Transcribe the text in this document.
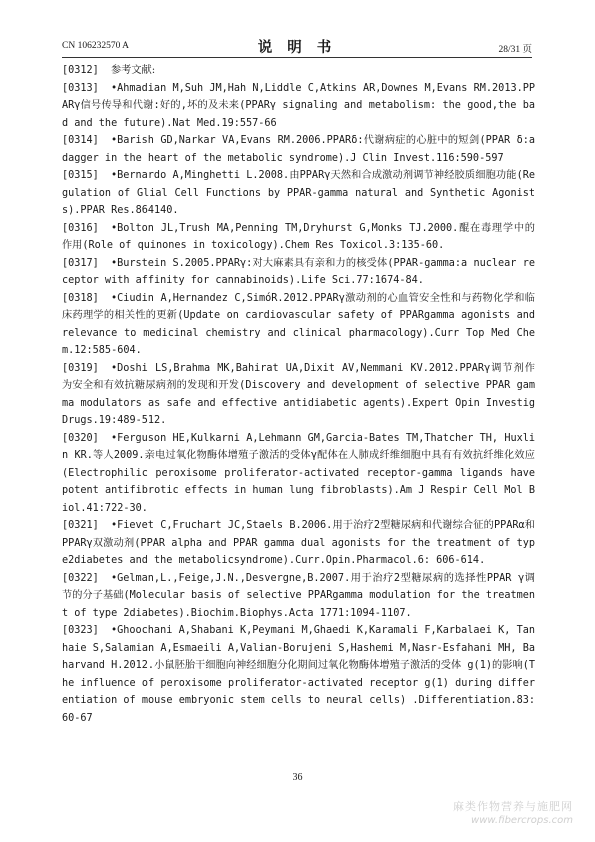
CN 106232570 A	说 明 书	28/31 页

[0312] 参考文献:

[0313] •Ahmadian M,Suh JM,Hah N,Liddle C,Atkins AR,Downes M,Evans RM.2013.PPARγ信号传导和代谢:好的,坏的及未来(PPARγ signaling and metabolism: the good,the bad and the future).Nat Med.19:557-66

[0314] •Barish GD,Narkar VA,Evans RM.2006.PPARδ:代谢病症的心脏中的短剑(PPAR δ:a dagger in the heart of the metabolic syndrome).J Clin Invest.116:590-597

[0315] •Bernardo A,Minghetti L.2008.由PPARγ天然和合成激动剂调节神经胶质细胞功能(Regulation of Glial Cell Functions by PPAR-gamma natural and Synthetic Agonists).PPAR Res.864140.

[0316] •Bolton JL,Trush MA,Penning TM,Dryhurst G,Monks TJ.2000.醌在毒理学中的作用(Role of quinones in toxicology).Chem Res Toxicol.3:135-60.

[0317] •Burstein S.2005.PPARγ:对大麻素具有亲和力的核受体(PPAR-gamma:a nuclear receptor with affinity for cannabinoids).Life Sci.77:1674-84.

[0318] •Ciudin A,Hernandez C,SimóR.2012.PPARγ激动剂的心血管安全性和与药物化学和临床药理学的相关性的更新(Update on cardiovascular safety of PPARgamma agonists and relevance to medicinal chemistry and clinical pharmacology).Curr Top Med Chem.12:585-604.

[0319] •Doshi LS,Brahma MK,Bahirat UA,Dixit AV,Nemmani KV.2012.PPARγ调节剂作为安全和有效抗糖尿病剂的发现和开发(Discovery and development of selective PPAR gamma modulators as safe and effective antidiabetic agents).Expert Opin Investig Drugs.19:489-512.

[0320] •Ferguson HE,Kulkarni A,Lehmann GM,Garcia-Bates TM,Thatcher TH, Huxlin KR.等人2009.亲电过氧化物酶体增殖子激活的受体γ配体在人肺成纤维细胞中具有有效抗纤维化效应(Electrophilic peroxisome proliferator-activated receptor-gamma ligands have potent antifibrotic effects in human lung fibroblasts).Am J Respir Cell Mol Biol.41:722-30.

[0321] •Fievet C,Fruchart JC,Staels B.2006.用于治疗2型糖尿病和代谢综合征的PPARα和PPARγ双激动剂(PPAR alpha and PPAR gamma dual agonists for the treatment of type2diabetes and the metabolicsyndrome).Curr.Opin.Pharmacol.6: 606-614.

[0322] •Gelman,L.,Feige,J.N.,Desvergne,B.2007.用于治疗2型糖尿病的选择性PPAR γ调节的分子基础(Molecular basis of selective PPARgamma modulation for the treatment of type 2diabetes).Biochim.Biophys.Acta 1771:1094-1107.

[0323] •Ghoochani A,Shabani K,Peymani M,Ghaedi K,Karamali F,Karbalaei K, Tanhaie S,Salamian A,Esmaeili A,Valian-Borujeni S,Hashemi M,Nasr-Esfahani MH, Baharvand H.2012.小鼠胚胎干细胞向神经细胞分化期间过氧化物酶体增殖子激活的受体 g(1)的影响(The influence of peroxisome proliferator-activated receptor g(1) during differentiation of mouse embryonic stem cells to neural cells) .Differentiation.83:60-67

36
麻类作物营养与施肥网
www.fibercrops.com
